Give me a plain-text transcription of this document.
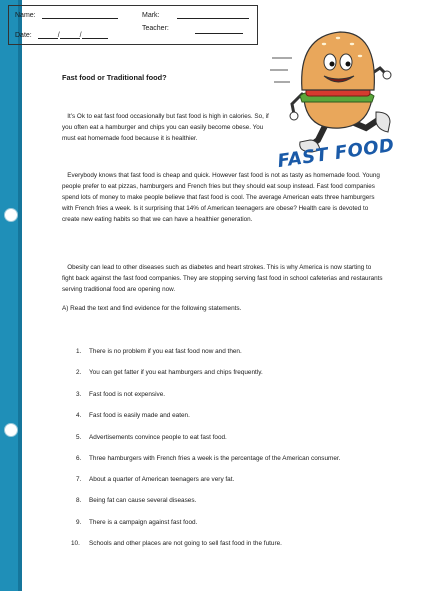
Name:	Mark:
Teacher:
Date:	/	/
FAST FOOD
Fast food or Traditional food?

It’s Ok to eat fast food occasionally but fast food is high in calories. So, if you often eat a hamburger and chips you can easily become obese. You must eat homemade food because it is healthier.

Everybody knows that fast food is cheap and quick. However fast food is not as tasty as homemade food. Young people prefer to eat pizzas, hamburgers and French fries but they should eat soup instead. Fast food companies spend lots of money to make people believe that fast food is cool. The average American eats three hamburgers with French fries a week. Is it surprising that 14% of American teenagers are obese? Health care is devoted to create new eating habits so that we can have a healthier generation.

Obesity can lead to other diseases such as diabetes and heart strokes. This is why America is now starting to fight back against the fast food companies. They are stopping serving fast food in school cafeterias and restaurants serving traditional food are opening now.

A) Read the text and find evidence for the following statements.
1. There is no problem if you eat fast food now and then.
2. You can get fatter if you eat hamburgers and chips frequently.
3. Fast food is not expensive.
4. Fast food is easily made and eaten.
5. Advertisements convince people to eat fast food.
6. Three hamburgers with French fries a week is the percentage of the American consumer.
7. About a quarter of American teenagers are very fat.
8. Being fat can cause several diseases.
9. There is a campaign against fast food.
10. Schools and other places are not going to sell fast food in the future.
